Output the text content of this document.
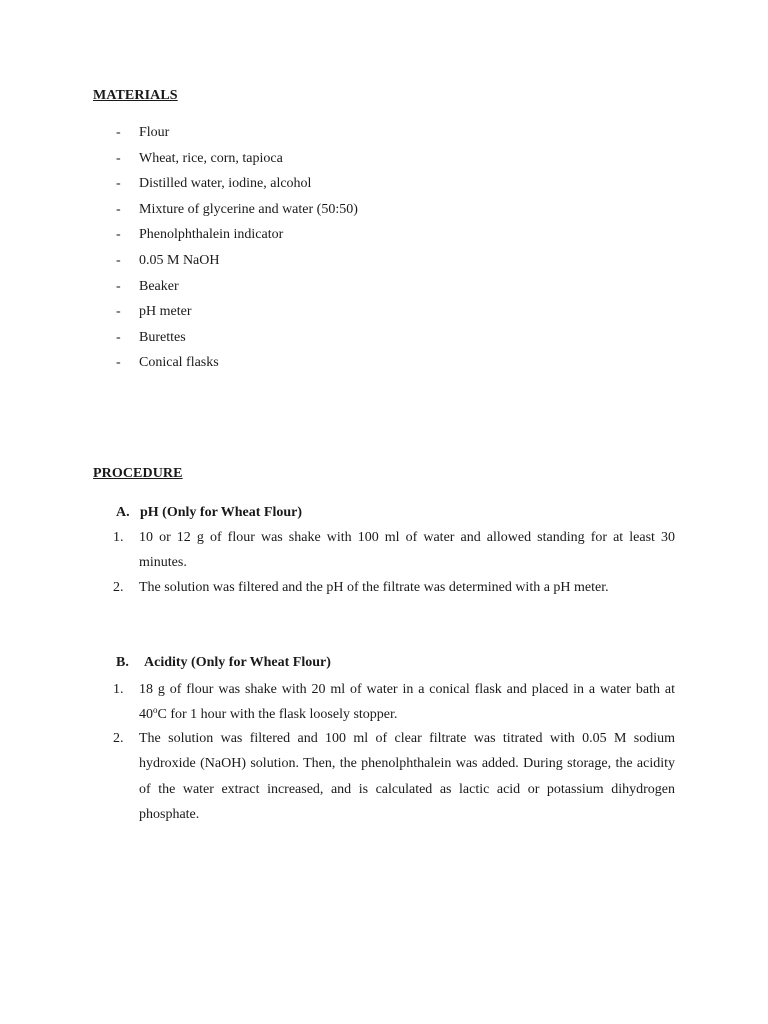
MATERIALS
- Flour
- Wheat, rice, corn, tapioca
- Distilled water, iodine, alcohol
- Mixture of glycerine and water (50:50)
- Phenolphthalein indicator
- 0.05 M NaOH
- Beaker
- pH meter
- Burettes
- Conical flasks
PROCEDURE
A. pH (Only for Wheat Flour)
1. 10 or 12 g of flour was shake with 100 ml of water and allowed standing for at least 30 minutes.
2. The solution was filtered and the pH of the filtrate was determined with a pH meter.
B. Acidity (Only for Wheat Flour)
1. 18 g of flour was shake with 20 ml of water in a conical flask and placed in a water bath at 40$^o$C for 1 hour with the flask loosely stopper.
2. The solution was filtered and 100 ml of clear filtrate was titrated with 0.05 M sodium hydroxide (NaOH) solution. Then, the phenolphthalein was added. During storage, the acidity of the water extract increased, and is calculated as lactic acid or potassium dihydrogen phosphate.
